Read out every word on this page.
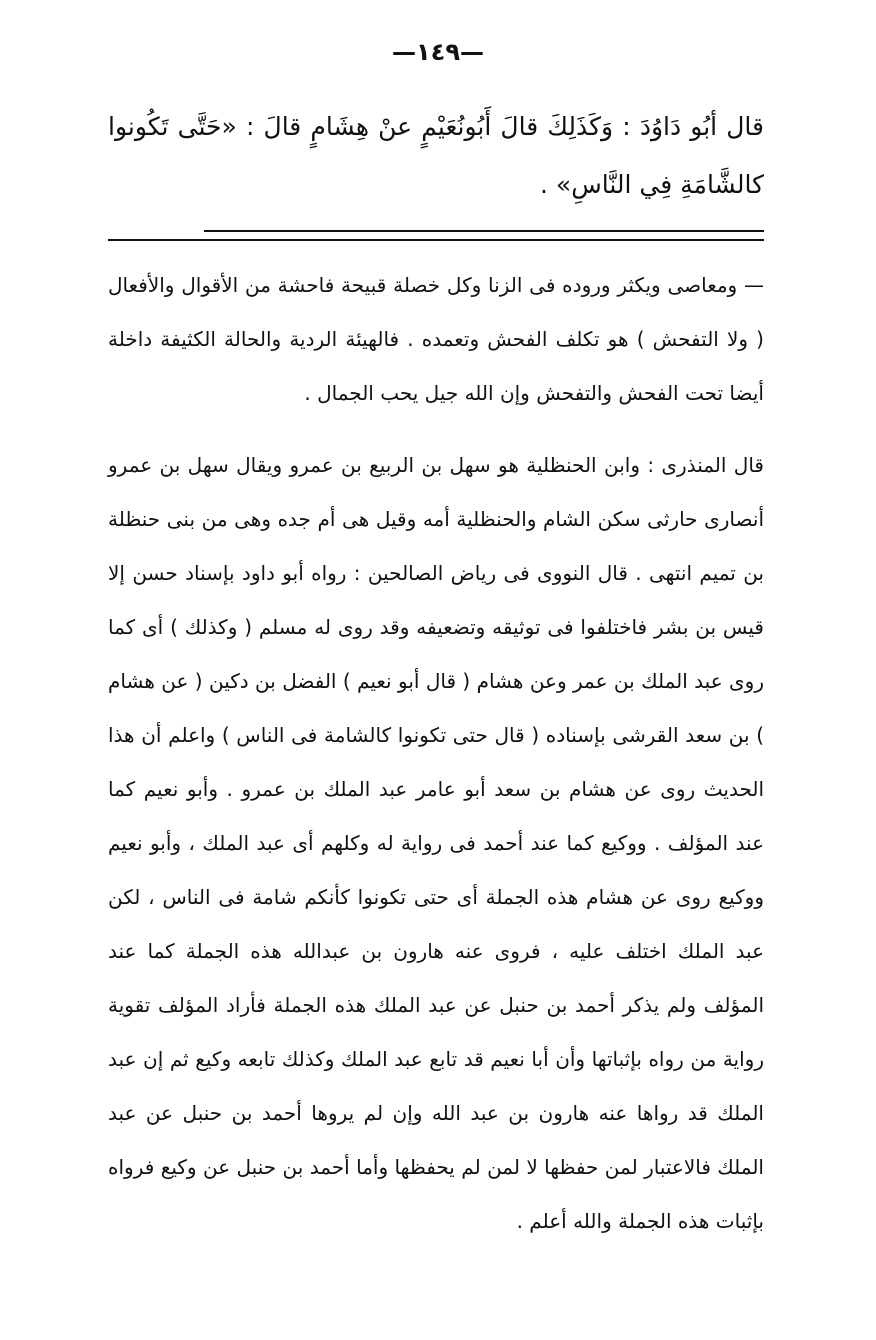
—١٤٩—
قال أبُو دَاوُدَ : وَكَذَلِكَ قالَ أَبُونُعَيْمٍ عنْ هِشَامٍ قالَ : «حَتَّى تَكُونوا كالشَّامَةِ فِي النَّاسِ» .

— ومعاصى ويكثر وروده فى الزنا وكل خصلة قبيحة فاحشة من الأقوال والأفعال ( ولا التفحش ) هو تكلف الفحش وتعمده . فالهيئة الردية والحالة الكثيفة داخلة أيضا تحت الفحش والتفحش وإن الله جيل يحب الجمال .

قال المنذرى : وابن الحنظلية هو سهل بن الربيع بن عمرو ويقال سهل بن عمرو أنصارى حارثى سكن الشام والحنظلية أمه وقيل هى أم جده وهى من بنى حنظلة بن تميم انتهى . قال النووى فى رياض الصالحين : رواه أبو داود بإسناد حسن إلا قيس بن بشر فاختلفوا فى توثيقه وتضعيفه وقد روى له مسلم ( وكذلك ) أى كما روى عبد الملك بن عمر وعن هشام ( قال أبو نعيم ) الفضل بن دكين ( عن هشام ) بن سعد القرشى بإسناده ( قال حتى تكونوا كالشامة فى الناس ) واعلم أن هذا الحديث روى عن هشام بن سعد أبو عامر عبد الملك بن عمرو . وأبو نعيم كما عند المؤلف . ووكيع كما عند أحمد فى رواية له وكلهم أى عبد الملك ، وأبو نعيم ووكيع روى عن هشام هذه الجملة أى حتى تكونوا كأنكم شامة فى الناس ، لكن عبد الملك اختلف عليه ، فروى عنه هارون بن عبدالله هذه الجملة كما عند المؤلف ولم يذكر أحمد بن حنبل عن عبد الملك هذه الجملة فأراد المؤلف تقوية رواية من رواه بإثباتها وأن أبا نعيم قد تابع عبد الملك وكذلك تابعه وكيع ثم إن عبد الملك قد رواها عنه هارون بن عبد الله وإن لم يروها أحمد بن حنبل عن عبد الملك فالاعتبار لمن حفظها لا لمن لم يحفظها وأما أحمد بن حنبل عن وكيع فرواه بإثبات هذه الجملة والله أعلم .
